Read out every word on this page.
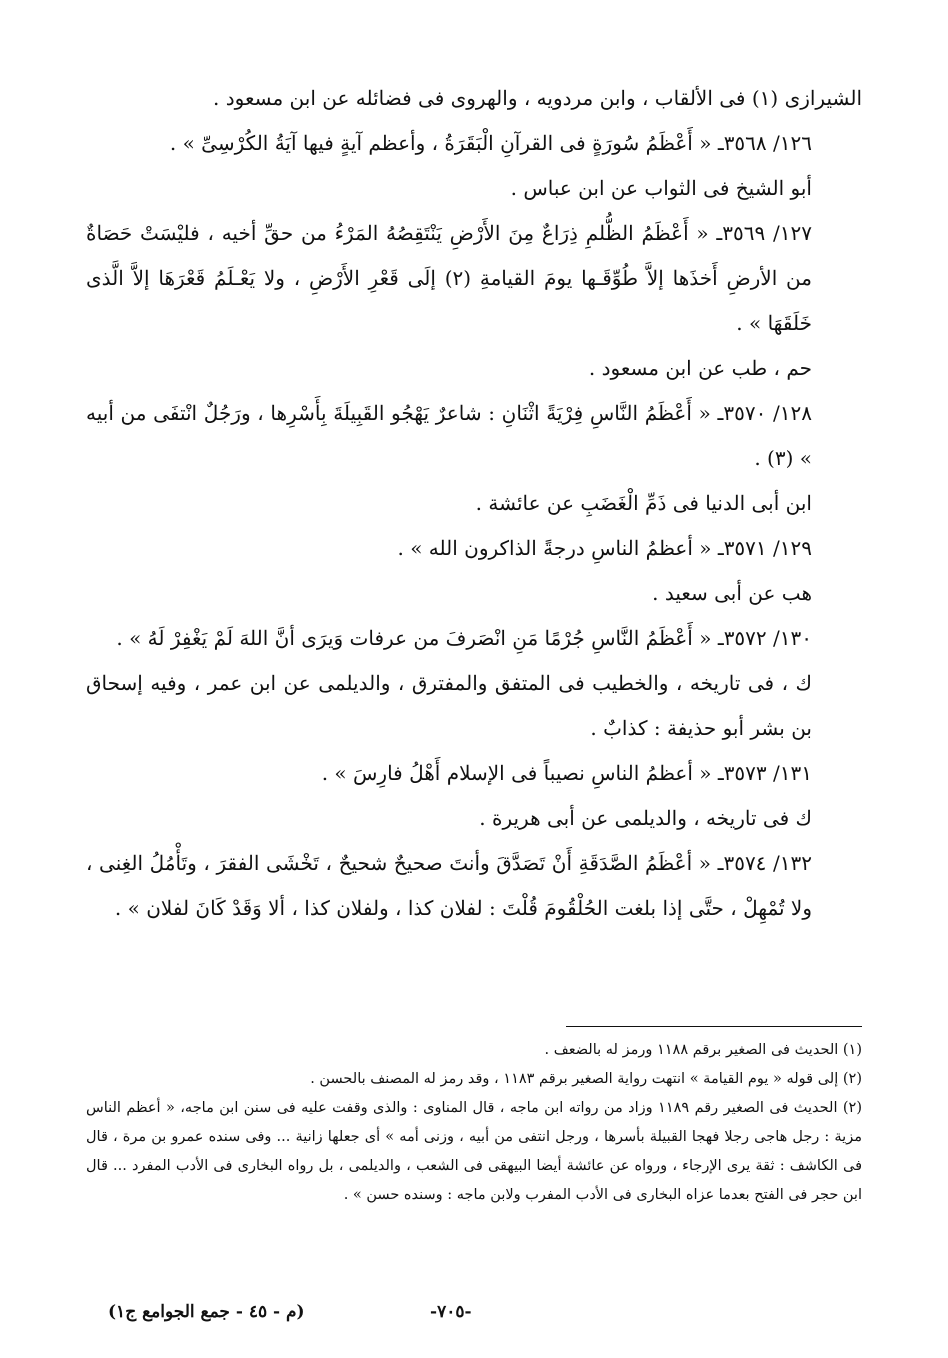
الشيرازى (١) فى الألقاب ، وابن مردويه ، والهروى فى فضائله عن ابن مسعود .

١٢٦/ ٣٥٦٨ـ « أَعْظَمُ سُورَةٍ فى القرآنِ الْبَقَرَةُ ، وأعظم آيةٍ فيها آيَةُ الكُرْسِىِّ » .

أبو الشيخ فى الثواب عن ابن عباس .

١٢٧/ ٣٥٦٩ـ « أَعْظَمُ الظُّلمِ ذِرَاعٌ مِنَ الأَرْضِ يَنْتَقِصُهُ المَرْءُ من حقِّ أخيه ، فليْسَتْ حَصَاةٌ من الأرضِ أَخذَها إلاَّ طُوِّقَـها يومَ القيامةِ (٢) إلَى قَعْرِ الأَرْضِ ، ولا يَعْـلَمُ قَعْرَهَا إلاَّ الَّذى خَلَقَهَا » .

حم ، طب عن ابن مسعود .

١٢٨/ ٣٥٧٠ـ « أَعْظَمُ النَّاسِ فِرْيَةً اثْنَانِ : شاعرٌ يَهْجُو القَبِيلَةَ بِأَسْرِها ، ورَجُلٌ انْتفَى من أبيه » (٣) .

ابن أبى الدنيا فى ذَمِّ الْغَضَبِ عن عائشة .

١٢٩/ ٣٥٧١ـ « أعظمُ الناسِ درجةً الذاكرون الله » .

هب عن أبى سعيد .

١٣٠/ ٣٥٧٢ـ « أَعْظَمُ النَّاسِ جُرْمًا مَنِ انْصَرفَ من عرفات وَيرَى أنَّ اللهَ لَمْ يَغْفِرْ لَهُ » .

ك ، فى تاريخه ، والخطيب فى المتفق والمفترق ، والديلمى عن ابن عمر ، وفيه إسحاق بن بشر أبو حذيفة : كذابٌ .

١٣١/ ٣٥٧٣ـ « أعظمُ الناسِ نصيباً فى الإسلام أَهْلُ فارِسَ » .

ك فى تاريخه ، والديلمى عن أبى هريرة .

١٣٢/ ٣٥٧٤ـ « أعْظَمُ الصَّدَقَةِ أَنْ تَصَدَّقَ وأنتَ صحيحٌ شحيحٌ ، تَخْشَى الفقرَ ، وتَأْمُلُ الغِنى ، ولا تُمْهِلْ ، حتَّى إذا بلغت الحُلْقُومَ قُلْتَ : لفلان كذا ، ولفلان كذا ، ألا وَقَدْ كَانَ لفلان » .

(١) الحديث فى الصغير برقم ١١٨٨ ورمز له بالضعف .

(٢) إلى قوله « يوم القيامة » انتهت رواية الصغير برقم ١١٨٣ ، وقد رمز له المصنف بالحسن .

(٢) الحديث فى الصغير رقم ١١٨٩ وزاد من رواته ابن ماجه ، قال المناوى : والذى وقفت عليه فى سنن ابن ماجه، « أعظم الناس مزية : رجل هاجى رجلا فهجا القبيلة بأسرها ، ورجل انتفى من أبيه ، وزنى أمه » أى جعلها زانية ... وفى سنده عمرو بن مرة ، قال فى الكاشف : ثقة يرى الإرجاء ، ورواه عن عائشة أيضا البيهقى فى الشعب ، والديلمى ، بل رواه البخارى فى الأدب المفرد ... قال ابن حجر فى الفتح بعدما عزاه البخارى فى الأدب المفرب ولابن ماجه : وسنده حسن » .

-٧٠٥-
(م - ٤٥ - جمع الجوامع ج١)
